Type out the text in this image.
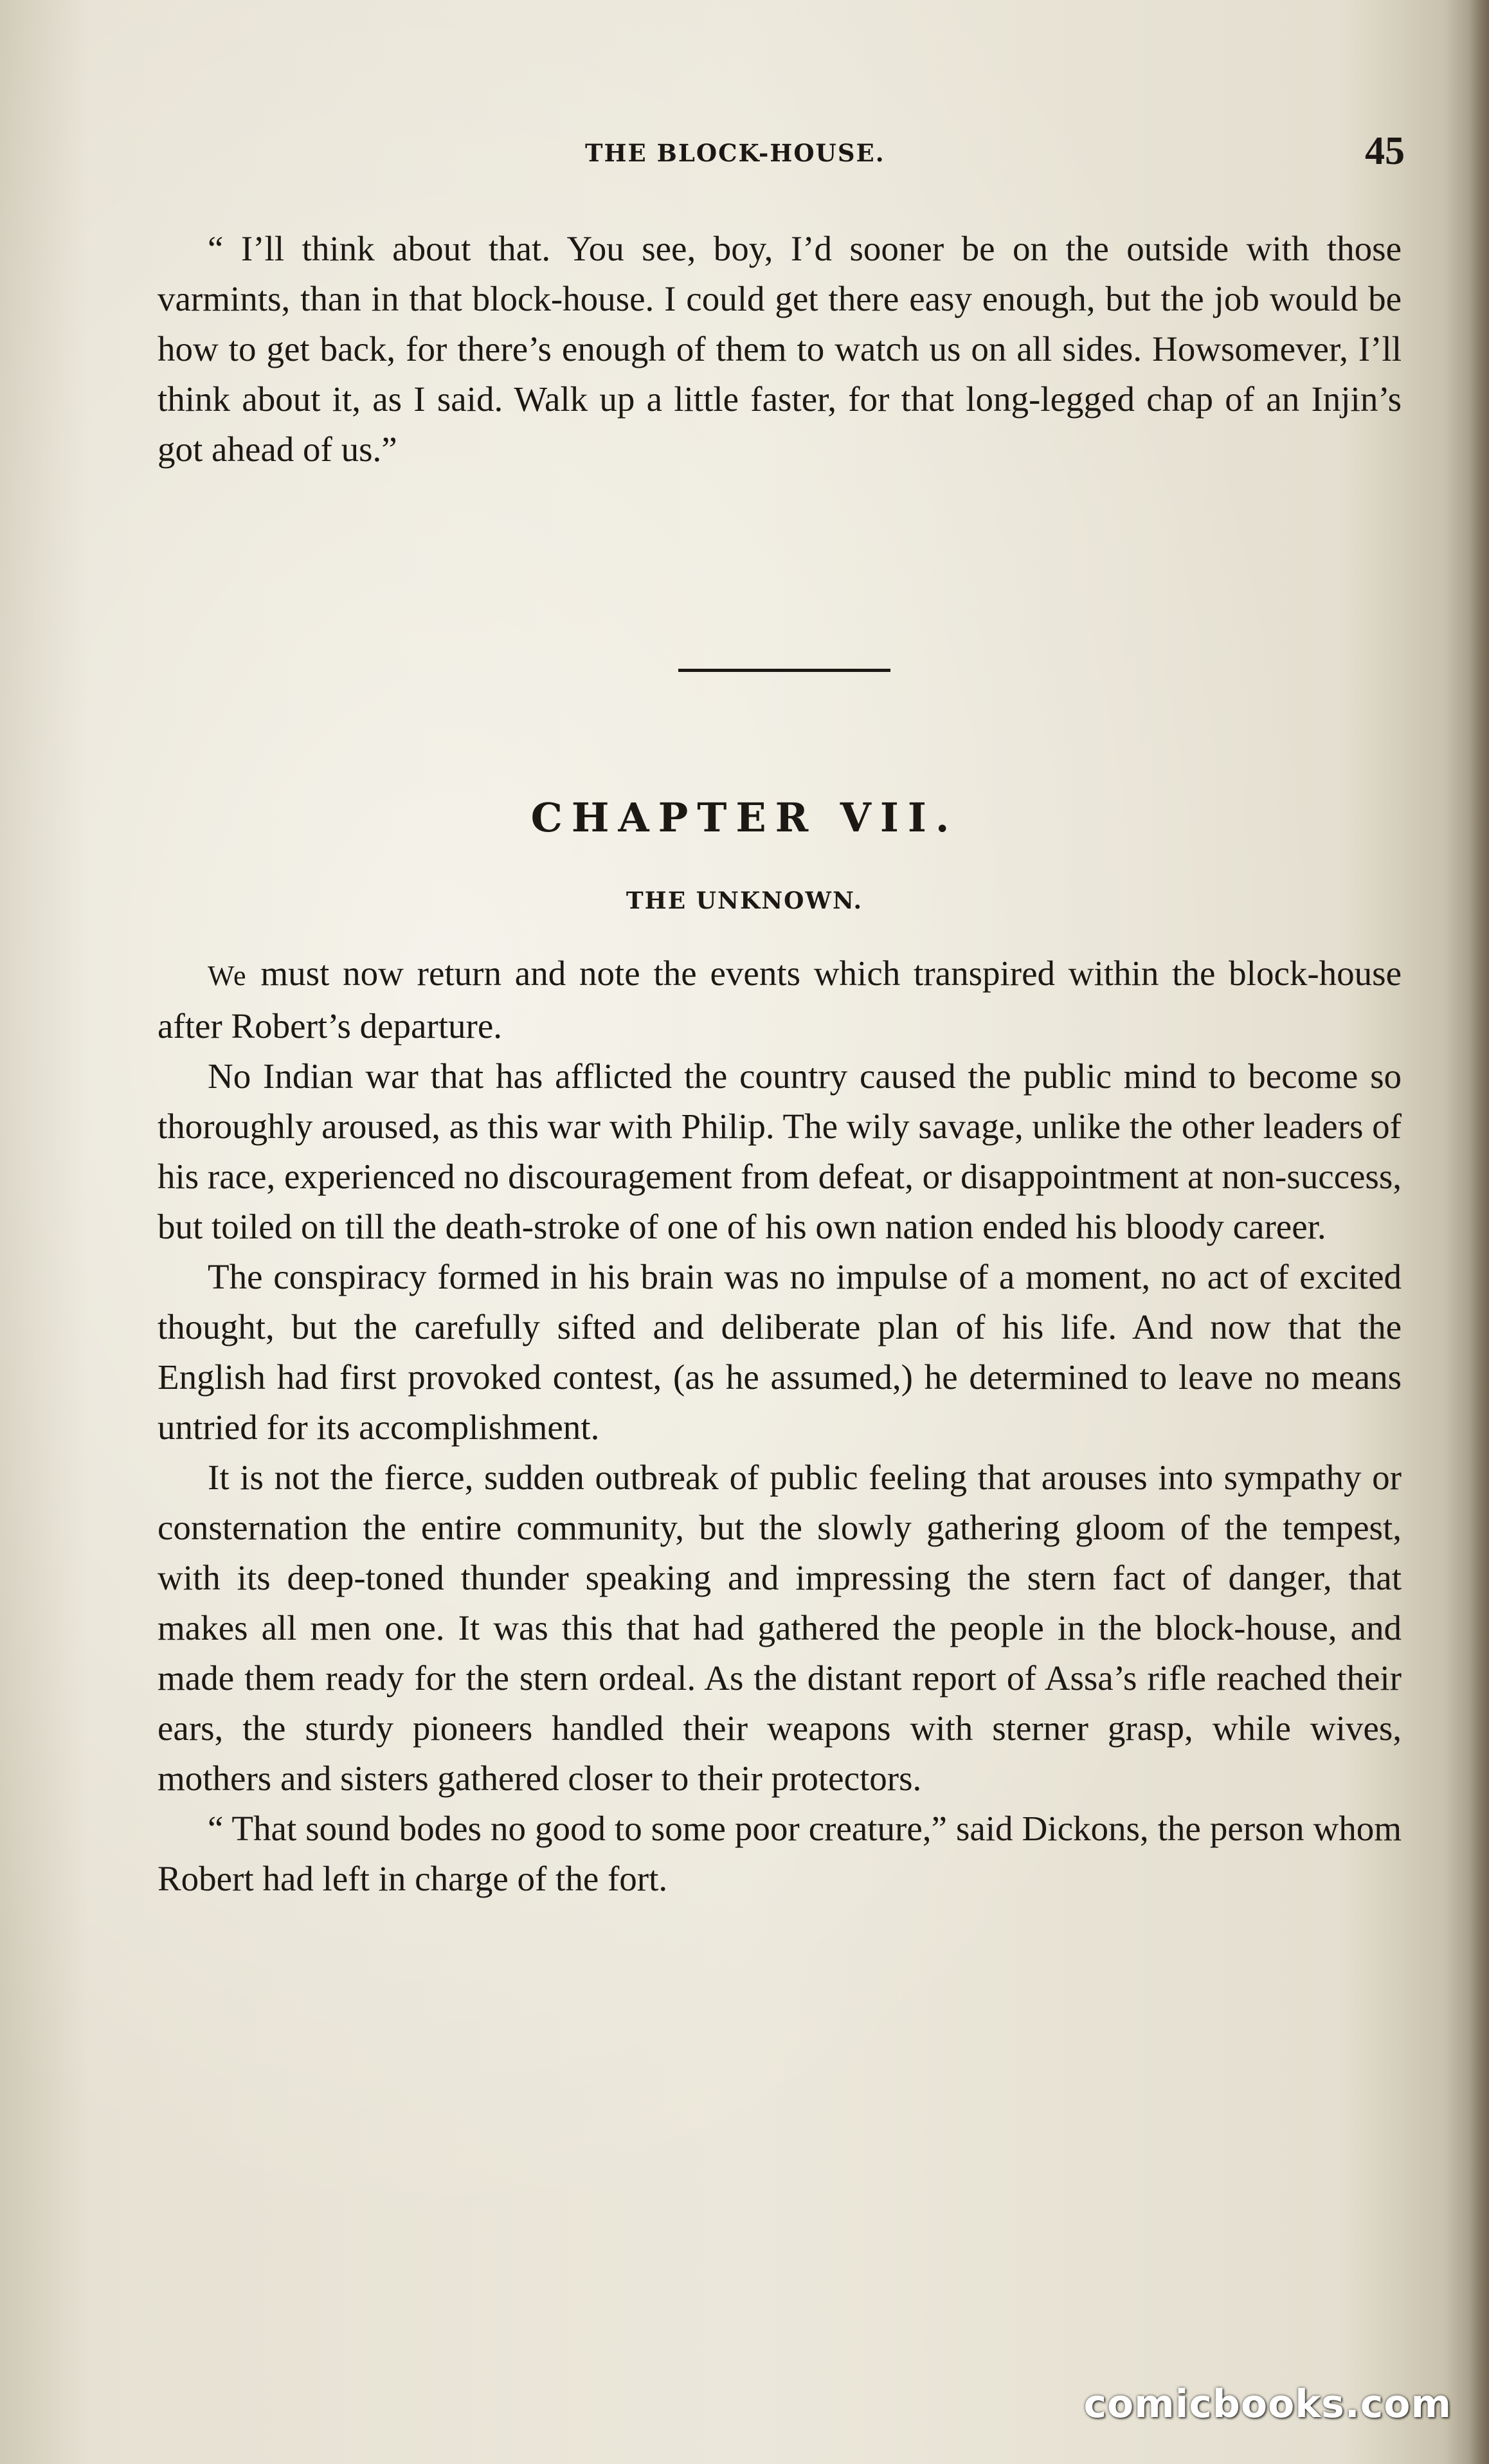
THE BLOCK-HOUSE.	45

“ I’ll think about that. You see, boy, I’d sooner be on the outside with those varmints, than in that block-house. I could get there easy enough, but the job would be how to get back, for there’s enough of them to watch us on all sides. Howsomever, I’ll think about it, as I said. Walk up a little faster, for that long-legged chap of an Injin’s got ahead of us.”

CHAPTER VII.
THE UNKNOWN.

We must now return and note the events which transpired within the block-house after Robert’s departure.

No Indian war that has afflicted the country caused the public mind to become so thoroughly aroused, as this war with Philip. The wily savage, unlike the other leaders of his race, experienced no discouragement from defeat, or disappointment at non-success, but toiled on till the death-stroke of one of his own nation ended his bloody career.

The conspiracy formed in his brain was no impulse of a moment, no act of excited thought, but the carefully sifted and deliberate plan of his life. And now that the English had first provoked contest, (as he assumed,) he determined to leave no means untried for its accomplishment.

It is not the fierce, sudden outbreak of public feeling that arouses into sympathy or consternation the entire community, but the slowly gathering gloom of the tempest, with its deep-toned thunder speaking and impressing the stern fact of danger, that makes all men one. It was this that had gathered the people in the block-house, and made them ready for the stern ordeal. As the distant report of Assa’s rifle reached their ears, the sturdy pioneers handled their weapons with sterner grasp, while wives, mothers and sisters gathered closer to their protectors.

“ That sound bodes no good to some poor creature,” said Dickons, the person whom Robert had left in charge of the fort.

comicbooks.com
